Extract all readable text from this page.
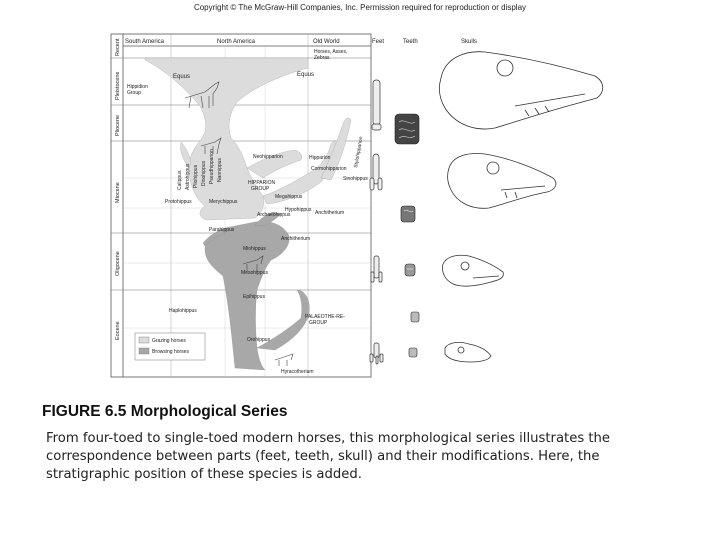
Copyright © The McGraw-Hill Companies, Inc. Permission required for reproduction or display
South America	North America	Old World
Recent
Pleistocene
Pliocene
Miocene
Oligocene
Eocene
Feet	Teeth	Skulls
Horses, Asses,
Zebras
Grazing horses
Browsing horses
Equus	Equus
Hippidion
Group
Neohipparion	Hipparion
Cormohipparion
Sinohippus
Stylohipparion
HIPPARION
GROUP
Megahippus
Protohippus	Merychippus
Hypohippus
Archaeohippus	Anchitherium
Parahippus
Anchitherium
Miohippus
Mesohippus
Epihippus
Haplohippus
PALAEOTHE-RE-
GROUP
Orohippus
Hyracotherium
Calippus Astrohippus Pliohippus Dinohippus Pseudhipparion Nannippus
FIGURE 6.5 Morphological Series

From four-toed to single-toed modern horses, this morphological series illustrates the correspondence between parts (feet, teeth, skull) and their modifications. Here, the stratigraphic position of these species is added.
